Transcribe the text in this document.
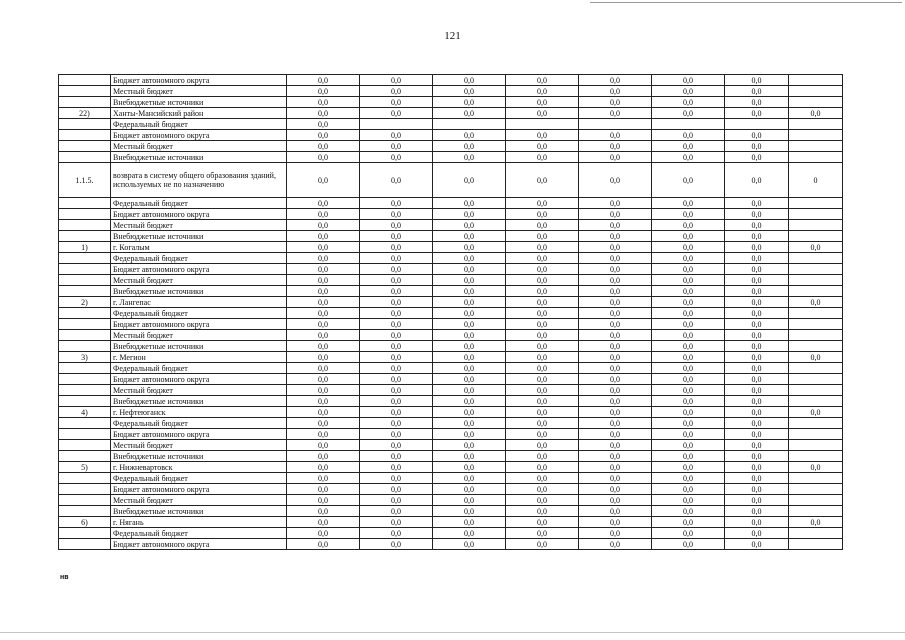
121
	Бюджет автономного округа	0,0	0,0	0,0	0,0	0,0	0,0	0,0	
	Местный бюджет	0,0	0,0	0,0	0,0	0,0	0,0	0,0	
	Внебюджетные источники	0,0	0,0	0,0	0,0	0,0	0,0	0,0	
22)	Ханты-Мансийский район	0,0	0,0	0,0	0,0	0,0	0,0	0,0	0,0
	Федеральный бюджет	0,0							
	Бюджет автономного округа	0,0	0,0	0,0	0,0	0,0	0,0	0,0	
	Местный бюджет	0,0	0,0	0,0	0,0	0,0	0,0	0,0	
	Внебюджетные источники	0,0	0,0	0,0	0,0	0,0	0,0	0,0	
1.1.5.	возврата в систему общего образования зданий, используемых не по назначению	0,0	0,0	0,0	0,0	0,0	0,0	0,0	0
	Федеральный бюджет	0,0	0,0	0,0	0,0	0,0	0,0	0,0	
	Бюджет автономного округа	0,0	0,0	0,0	0,0	0,0	0,0	0,0	
	Местный бюджет	0,0	0,0	0,0	0,0	0,0	0,0	0,0	
	Внебюджетные источники	0,0	0,0	0,0	0,0	0,0	0,0	0,0	
1)	г. Когалым	0,0	0,0	0,0	0,0	0,0	0,0	0,0	0,0
	Федеральный бюджет	0,0	0,0	0,0	0,0	0,0	0,0	0,0	
	Бюджет автономного округа	0,0	0,0	0,0	0,0	0,0	0,0	0,0	
	Местный бюджет	0,0	0,0	0,0	0,0	0,0	0,0	0,0	
	Внебюджетные источники	0,0	0,0	0,0	0,0	0,0	0,0	0,0	
2)	г. Лангепас	0,0	0,0	0,0	0,0	0,0	0,0	0,0	0,0
	Федеральный бюджет	0,0	0,0	0,0	0,0	0,0	0,0	0,0	
	Бюджет автономного округа	0,0	0,0	0,0	0,0	0,0	0,0	0,0	
	Местный бюджет	0,0	0,0	0,0	0,0	0,0	0,0	0,0	
	Внебюджетные источники	0,0	0,0	0,0	0,0	0,0	0,0	0,0	
3)	г. Мегион	0,0	0,0	0,0	0,0	0,0	0,0	0,0	0,0
	Федеральный бюджет	0,0	0,0	0,0	0,0	0,0	0,0	0,0	
	Бюджет автономного округа	0,0	0,0	0,0	0,0	0,0	0,0	0,0	
	Местный бюджет	0,0	0,0	0,0	0,0	0,0	0,0	0,0	
	Внебюджетные источники	0,0	0,0	0,0	0,0	0,0	0,0	0,0	
4)	г. Нефтеюганск	0,0	0,0	0,0	0,0	0,0	0,0	0,0	0,0
	Федеральный бюджет	0,0	0,0	0,0	0,0	0,0	0,0	0,0	
	Бюджет автономного округа	0,0	0,0	0,0	0,0	0,0	0,0	0,0	
	Местный бюджет	0,0	0,0	0,0	0,0	0,0	0,0	0,0	
	Внебюджетные источники	0,0	0,0	0,0	0,0	0,0	0,0	0,0	
5)	г. Нижневартовск	0,0	0,0	0,0	0,0	0,0	0,0	0,0	0,0
	Федеральный бюджет	0,0	0,0	0,0	0,0	0,0	0,0	0,0	
	Бюджет автономного округа	0,0	0,0	0,0	0,0	0,0	0,0	0,0	
	Местный бюджет	0,0	0,0	0,0	0,0	0,0	0,0	0,0	
	Внебюджетные источники	0,0	0,0	0,0	0,0	0,0	0,0	0,0	
6)	г. Нягань	0,0	0,0	0,0	0,0	0,0	0,0	0,0	0,0
	Федеральный бюджет	0,0	0,0	0,0	0,0	0,0	0,0	0,0	
	Бюджет автономного округа	0,0	0,0	0,0	0,0	0,0	0,0	0,0	
нв
